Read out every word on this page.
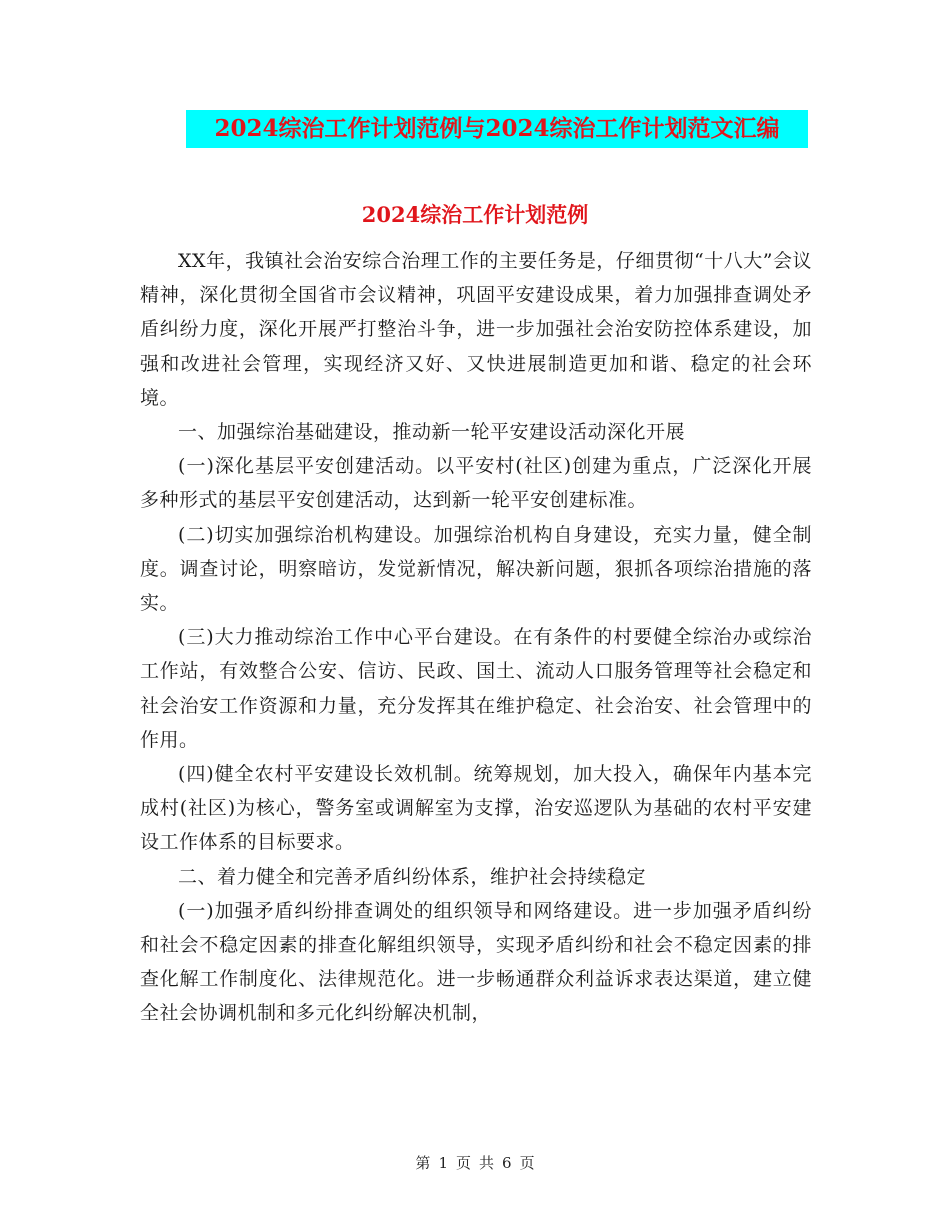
2024综治工作计划范例与2024综治工作计划范文汇编
2024综治工作计划范例

XX年，我镇社会治安综合治理工作的主要任务是，仔细贯彻“十八大”会议精神，深化贯彻全国省市会议精神，巩固平安建设成果，着力加强排查调处矛盾纠纷力度，深化开展严打整治斗争，进一步加强社会治安防控体系建设，加强和改进社会管理，实现经济又好、又快进展制造更加和谐、稳定的社会环境。

一、加强综治基础建设，推动新一轮平安建设活动深化开展

(一)深化基层平安创建活动。以平安村(社区)创建为重点，广泛深化开展多种形式的基层平安创建活动，达到新一轮平安创建标准。

(二)切实加强综治机构建设。加强综治机构自身建设，充实力量，健全制度。调查讨论，明察暗访，发觉新情况，解决新问题，狠抓各项综治措施的落实。

(三)大力推动综治工作中心平台建设。在有条件的村要健全综治办或综治工作站，有效整合公安、信访、民政、国土、流动人口服务管理等社会稳定和社会治安工作资源和力量，充分发挥其在维护稳定、社会治安、社会管理中的作用。

(四)健全农村平安建设长效机制。统筹规划，加大投入，确保年内基本完成村(社区)为核心，警务室或调解室为支撑，治安巡逻队为基础的农村平安建设工作体系的目标要求。

二、着力健全和完善矛盾纠纷体系，维护社会持续稳定

(一)加强矛盾纠纷排查调处的组织领导和网络建设。进一步加强矛盾纠纷和社会不稳定因素的排查化解组织领导，实现矛盾纠纷和社会不稳定因素的排查化解工作制度化、法律规范化。进一步畅通群众利益诉求表达渠道，建立健全社会协调机制和多元化纠纷解决机制，

第 1 页 共 6 页
